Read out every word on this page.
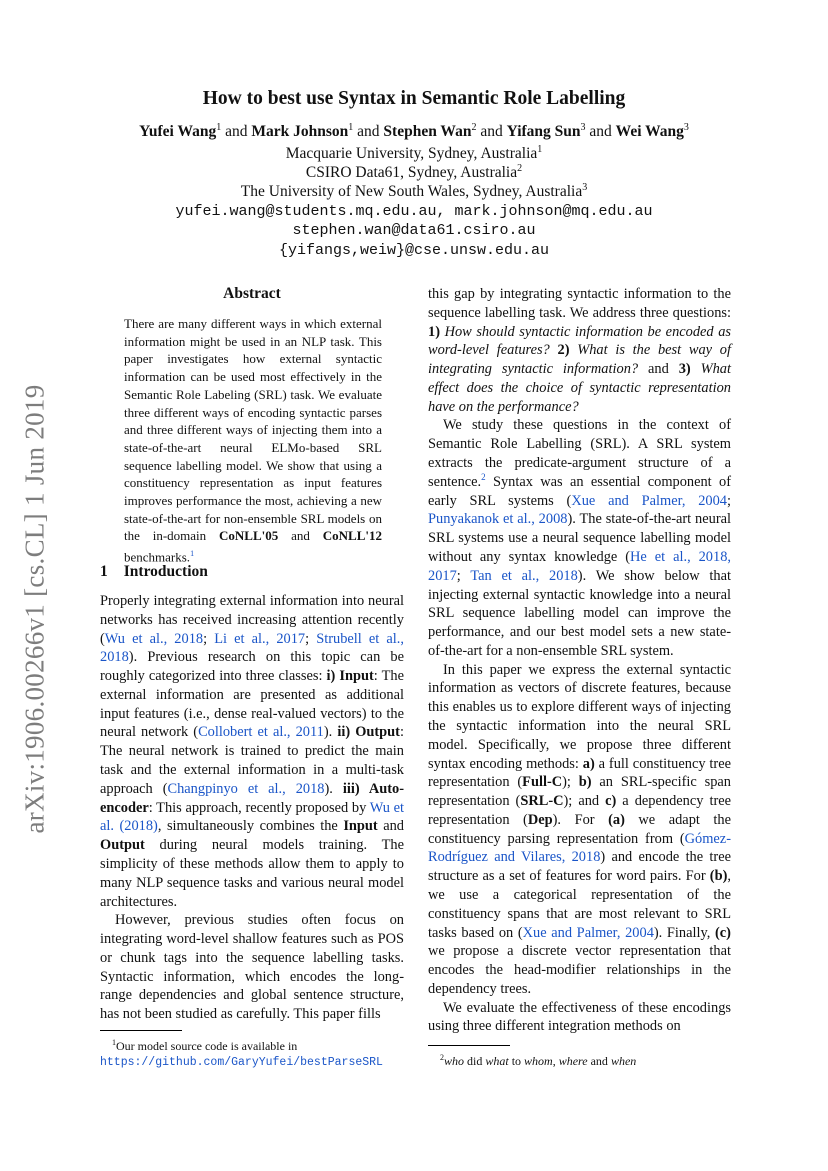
arXiv:1906.00266v1 [cs.CL] 1 Jun 2019
How to best use Syntax in Semantic Role Labelling
Yufei Wang$^1$ and Mark Johnson$^1$ and Stephen Wan$^2$ and Yifang Sun$^3$ and Wei Wang$^3$
Macquarie University, Sydney, Australia$^1$
CSIRO Data61, Sydney, Australia$^2$
The University of New South Wales, Sydney, Australia$^3$
yufei.wang@students.mq.edu.au, mark.johnson@mq.edu.au
stephen.wan@data61.csiro.au
{yifangs,weiw}@cse.unsw.edu.au
Abstract
There are many different ways in which external information might be used in an NLP task. This paper investigates how external syntactic information can be used most effectively in the Semantic Role Labeling (SRL) task. We evaluate three different ways of encoding syntactic parses and three different ways of injecting them into a state-of-the-art neural ELMo-based SRL sequence labelling model. We show that using a constituency representation as input features improves performance the most, achieving a new state-of-the-art for non-ensemble SRL models on the in-domain CoNLL'05 and CoNLL'12 benchmarks.$^1$
1 Introduction

Properly integrating external information into neural networks has received increasing attention recently (Wu et al., 2018; Li et al., 2017; Strubell et al., 2018). Previous research on this topic can be roughly categorized into three classes: i) Input: The external information are presented as additional input features (i.e., dense real-valued vectors) to the neural network (Collobert et al., 2011). ii) Output: The neural network is trained to predict the main task and the external information in a multi-task approach (Changpinyo et al., 2018). iii) Auto-encoder: This approach, recently proposed by Wu et al. (2018), simultaneously combines the Input and Output during neural models training. The simplicity of these methods allow them to apply to many NLP sequence tasks and various neural model architectures.

However, previous studies often focus on integrating word-level shallow features such as POS or chunk tags into the sequence labelling tasks. Syntactic information, which encodes the long-range dependencies and global sentence structure, has not been studied as carefully. This paper fills

this gap by integrating syntactic information to the sequence labelling task. We address three questions: 1) How should syntactic information be encoded as word-level features? 2) What is the best way of integrating syntactic information? and 3) What effect does the choice of syntactic representation have on the performance?

We study these questions in the context of Semantic Role Labelling (SRL). A SRL system extracts the predicate-argument structure of a sentence.$^2$ Syntax was an essential component of early SRL systems (Xue and Palmer, 2004; Punyakanok et al., 2008). The state-of-the-art neural SRL systems use a neural sequence labelling model without any syntax knowledge (He et al., 2018, 2017; Tan et al., 2018). We show below that injecting external syntactic knowledge into a neural SRL sequence labelling model can improve the performance, and our best model sets a new state-of-the-art for a non-ensemble SRL system.

In this paper we express the external syntactic information as vectors of discrete features, because this enables us to explore different ways of injecting the syntactic information into the neural SRL model. Specifically, we propose three different syntax encoding methods: a) a full constituency tree representation (Full-C); b) an SRL-specific span representation (SRL-C); and c) a dependency tree representation (Dep). For (a) we adapt the constituency parsing representation from (Gómez-Rodríguez and Vilares, 2018) and encode the tree structure as a set of features for word pairs. For (b), we use a categorical representation of the constituency spans that are most relevant to SRL tasks based on (Xue and Palmer, 2004). Finally, (c) we propose a discrete vector representation that encodes the head-modifier relationships in the dependency trees.

We evaluate the effectiveness of these encodings using three different integration methods on

$^1$Our model source code is available in https://github.com/GaryYufei/bestParseSRL	$^2$who did what to whom, where and when
